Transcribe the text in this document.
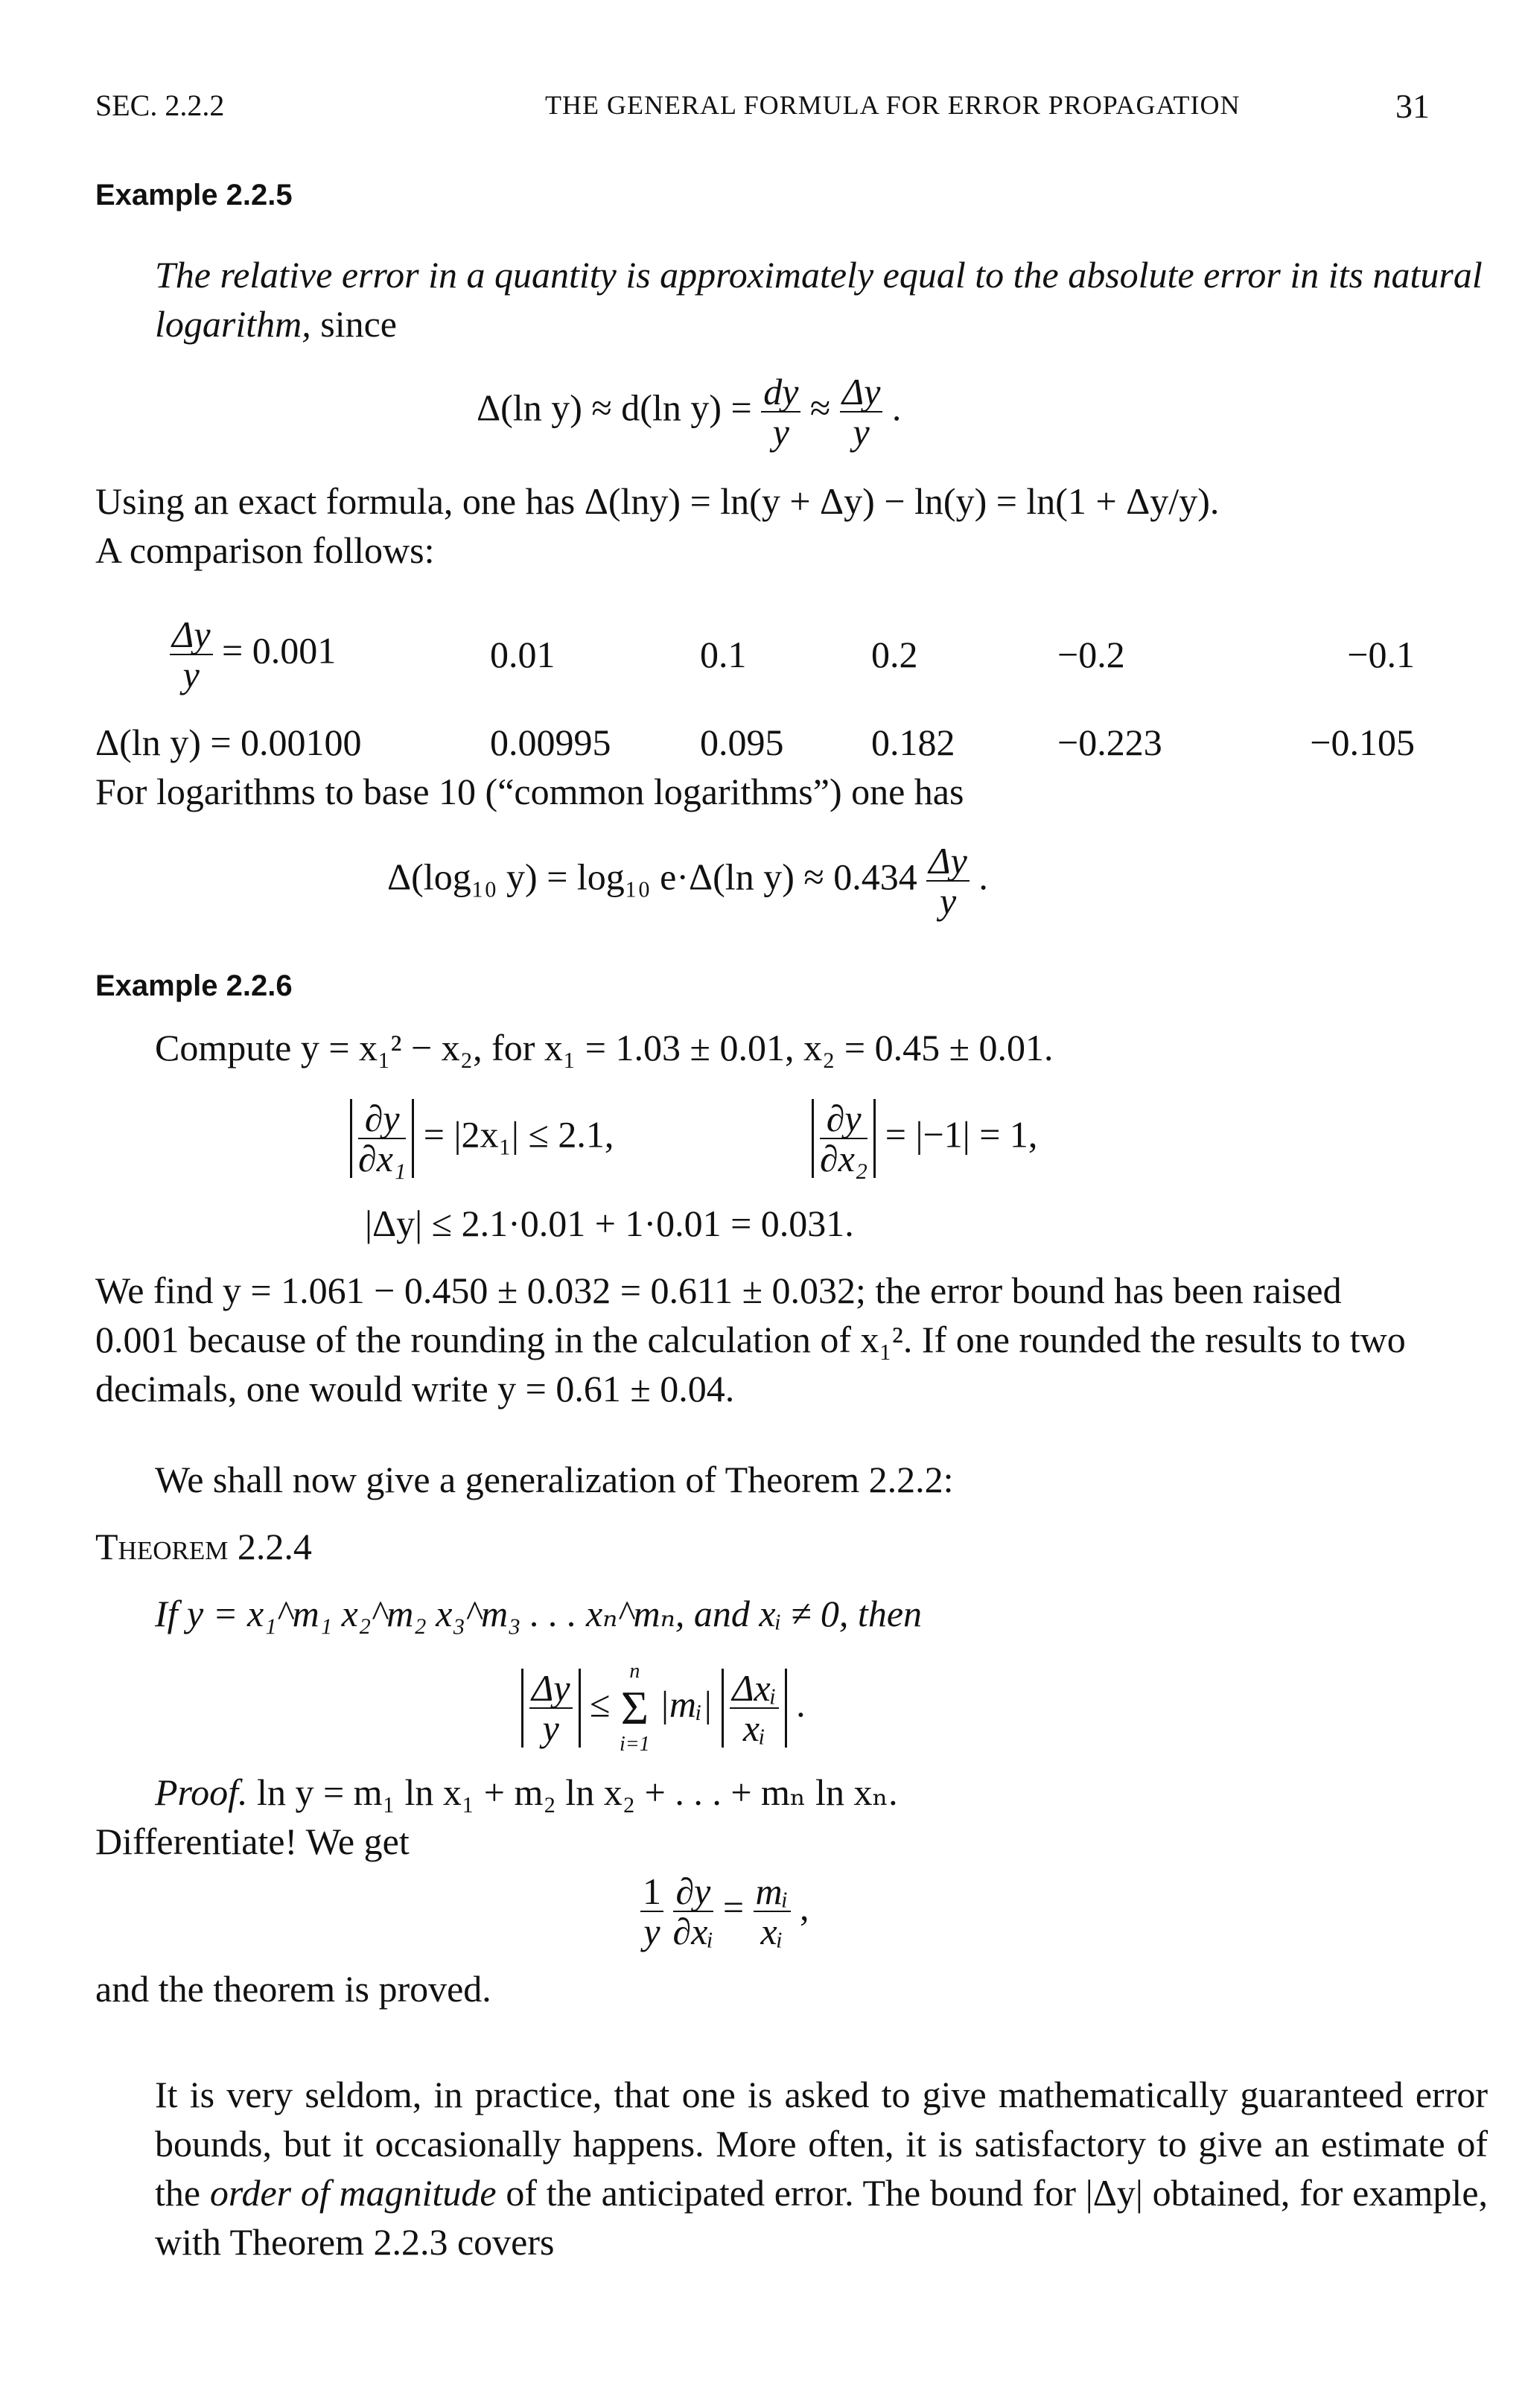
SEC. 2.2.2	THE GENERAL FORMULA FOR ERROR PROPAGATION	31
Example 2.2.5
The relative error in a quantity is approximately equal to the absolute error in its natural logarithm, since
Δ(ln y) ≈ d(ln $y) = \frac{dy}{y} \approx \frac{\Delta y}{y}$ .
Using an exact formula, one has Δ(lny) = ln(y + Δy) − ln(y) = ln(1 + Δy/y).
A comparison follows:
$\frac{\Delta y}{y} = 0.001$	0.01	0.1	0.2	−0.2	−0.1
Δ(ln y) = 0.00100	0.00995	0.095	0.182	−0.223	−0.105
For logarithms to base 10 (“common logarithms”) one has
Δ(log₁₀ y) = log₁₀ e·Δ(ln $y) \approx 0.434 \frac{\Delta y}{y}$ .
Example 2.2.6
Compute y = x₁² − x₂, for x₁ = 1.03 ± 0.01, x₂ = 0.45 ± 0.01.
$\frac{\partial y}{\text{∂x₁}} = |2x_1| \le 2.1$,	$\frac{\partial y}{\text{∂x₂}} = |-1| = 1$,
|Δy| ≤ 2.1·0.01 + 1·0.01 = 0.031.
We find y = 1.061 − 0.450 ± 0.032 = 0.611 ± 0.032; the error bound has been raised 0.001 because of the rounding in the calculation of x₁². If one rounded the results to two decimals, one would write y = 0.61 ± 0.04.
We shall now give a generalization of Theorem 2.2.2:
Theorem 2.2.4
If y = x₁^m₁ x₂^m₂ x₃^m₃ . . . xₙ^mₙ, and xᵢ ≠ 0, then
$\frac{\Delta y}{y}$ ≤
n
Σ
i=1
|mᵢ| $\frac{\text{Δxᵢ}}{\text{xᵢ}}$ .
Proof. ln y = m₁ ln x₁ + m₂ ln x₂ + . . . + mₙ ln xₙ.
Differentiate! We get
$\frac{1}{y}$
$\frac{\partial y}{\text{∂xᵢ}} = \frac{\text{mᵢ}}{\text{xᵢ}}$ ,
and the theorem is proved.
It is very seldom, in practice, that one is asked to give mathematically guaranteed error bounds, but it occasionally happens. More often, it is satisfactory to give an estimate of the order of magnitude of the anticipated error. The bound for |Δy| obtained, for example, with Theorem 2.2.3 covers
